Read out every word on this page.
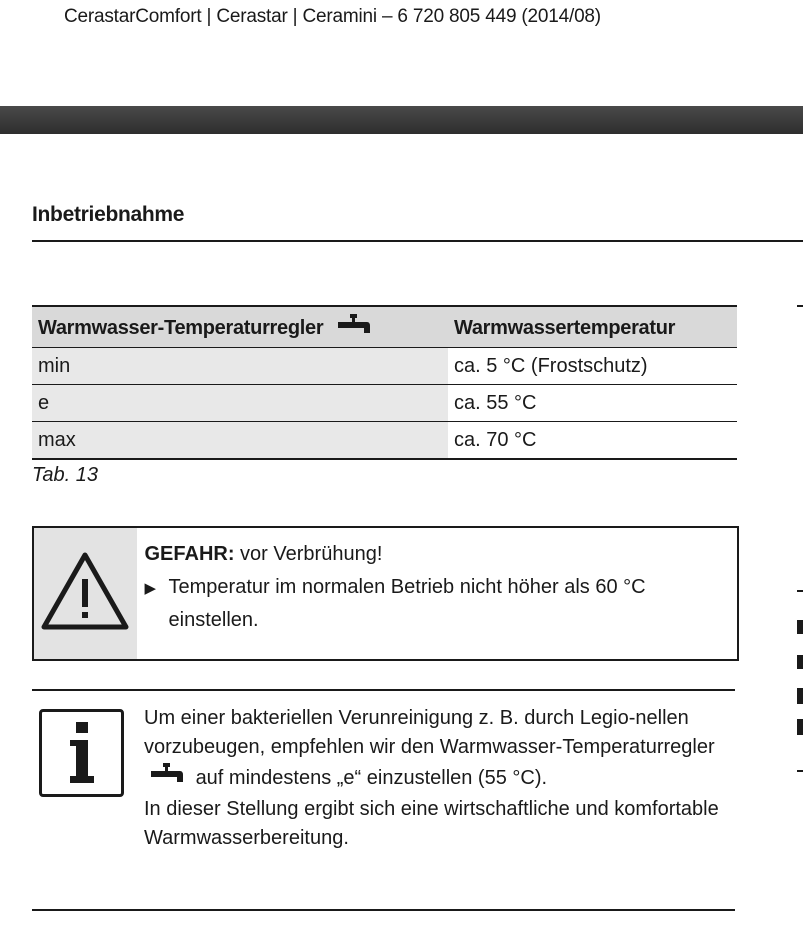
CerastarComfort | Cerastar | Ceramini – 6 720 805 449 (2014/08)
Inbetriebnahme
Warmwasser-Temperaturregler	Warmwassertemperatur
min	ca. 5 °C (Frostschutz)
e	ca. 55 °C
max	ca. 70 °C
Tab. 13
GEFAHR: vor Verbrühung!
▶ Temperatur im normalen Betrieb nicht höher als 60 °C einstellen.
Um einer bakteriellen Verunreinigung z. B. durch Legio-nellen vorzubeugen, empfehlen wir den Warmwasser-Temperaturregler  auf mindestens „e“ einzustellen (55 °C).
In dieser Stellung ergibt sich eine wirtschaftliche und komfortable Warmwasserbereitung.
